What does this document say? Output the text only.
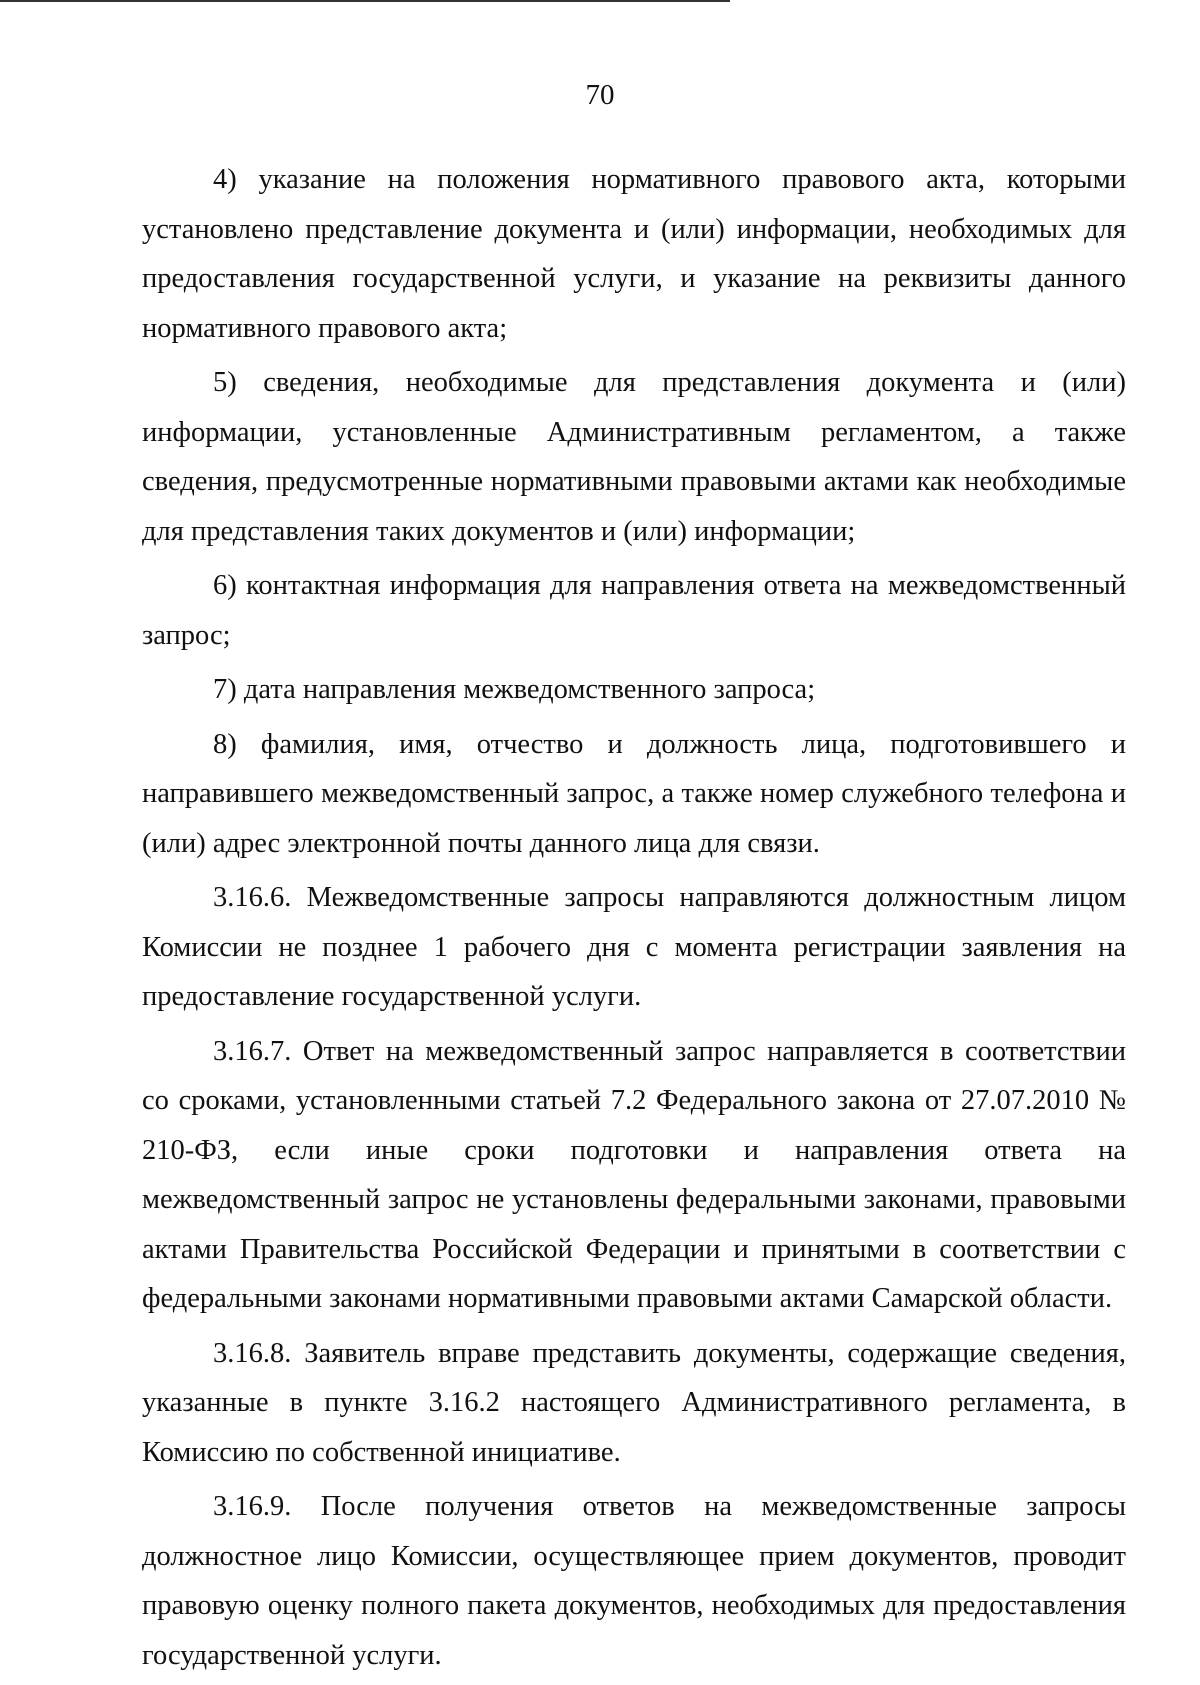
70

4) указание на положения нормативного правового акта, которыми установлено представление документа и (или) информации, необходимых для предоставления государственной услуги, и указание на реквизиты данного нормативного правового акта;

5) сведения, необходимые для представления документа и (или) информации, установленные Административным регламентом, а также сведения, предусмотренные нормативными правовыми актами как необходимые для представления таких документов и (или) информации;

6) контактная информация для направления ответа на межведомственный запрос;

7) дата направления межведомственного запроса;

8) фамилия, имя, отчество и должность лица, подготовившего и направившего межведомственный запрос, а также номер служебного телефона и (или) адрес электронной почты данного лица для связи.

3.16.6. Межведомственные запросы направляются должностным лицом Комиссии не позднее 1 рабочего дня с момента регистрации заявления на предоставление государственной услуги.

3.16.7. Ответ на межведомственный запрос направляется в соответствии со сроками, установленными статьей 7.2 Федерального закона от 27.07.2010 № 210-ФЗ, если иные сроки подготовки и направления ответа на межведомственный запрос не установлены федеральными законами, правовыми актами Правительства Российской Федерации и принятыми в соответствии с федеральными законами нормативными правовыми актами Самарской области.

3.16.8. Заявитель вправе представить документы, содержащие сведения, указанные в пункте 3.16.2 настоящего Административного регламента, в Комиссию по собственной инициативе.

3.16.9. После получения ответов на межведомственные запросы должностное лицо Комиссии, осуществляющее прием документов, проводит правовую оценку полного пакета документов, необходимых для предоставления государственной услуги.
